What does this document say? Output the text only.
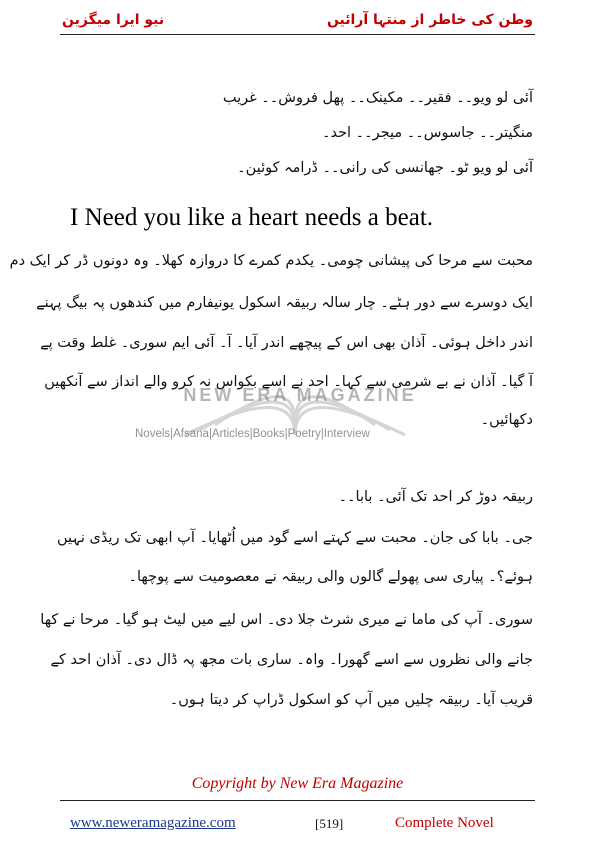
وطن کی خاطر از منتہا آرائیں
نیو ایرا میگزین
آئی لو ویو۔۔ فقیر۔۔ مکینک۔۔ پھل فروش۔۔ غریب
منگیتر۔۔ جاسوس۔۔ میجر۔۔ احد۔
آئی لو ویو ٹو۔ جھانسی کی رانی۔۔ ڈرامہ کوئین۔
I Need you like a heart needs a beat.
محبت سے مرحا کی پیشانی چومی۔ یکدم کمرے کا دروازہ کھلا۔ وہ دونوں ڈر کر ایک دم
ایک دوسرے سے دور ہٹے۔ چار سالہ ربیقہ اسکول یونیفارم میں کندھوں پہ بیگ پہنے
اندر داخل ہوئی۔ آذان بھی اس کے پیچھے اندر آیا۔ آ۔ آئی ایم سوری۔ غلط وقت پے
آ گیا۔ آذان نے بے شرمی سے کہا۔ احد نے اسے بکواس نہ کرو والے انداز سے آنکھیں
دکھائیں۔
NEW ERA MAGAZINE
Novels|Afsana|Articles|Books|Poetry|Interview
ربیقہ دوڑ کر احد تک آئی۔ بابا۔۔
جی۔ بابا کی جان۔ محبت سے کہتے اسے گود میں اُٹھایا۔ آپ ابھی تک ریڈی نہیں
ہوئے؟۔ پیاری سی پھولے گالوں والی ربیقہ نے معصومیت سے پوچھا۔
سوری۔ آپ کی ماما نے میری شرٹ جلا دی۔ اس لیے میں لیٹ ہو گیا۔ مرحا نے کھا
جانے والی نظروں سے اسے گھورا۔ واہ۔ ساری بات مجھ پہ ڈال دی۔ آذان احد کے
قریب آیا۔ ربیقہ چلیں میں آپ کو اسکول ڈراپ کر دیتا ہوں۔
Copyright by New Era Magazine
www.neweramagazine.com	[519]	Complete Novel
